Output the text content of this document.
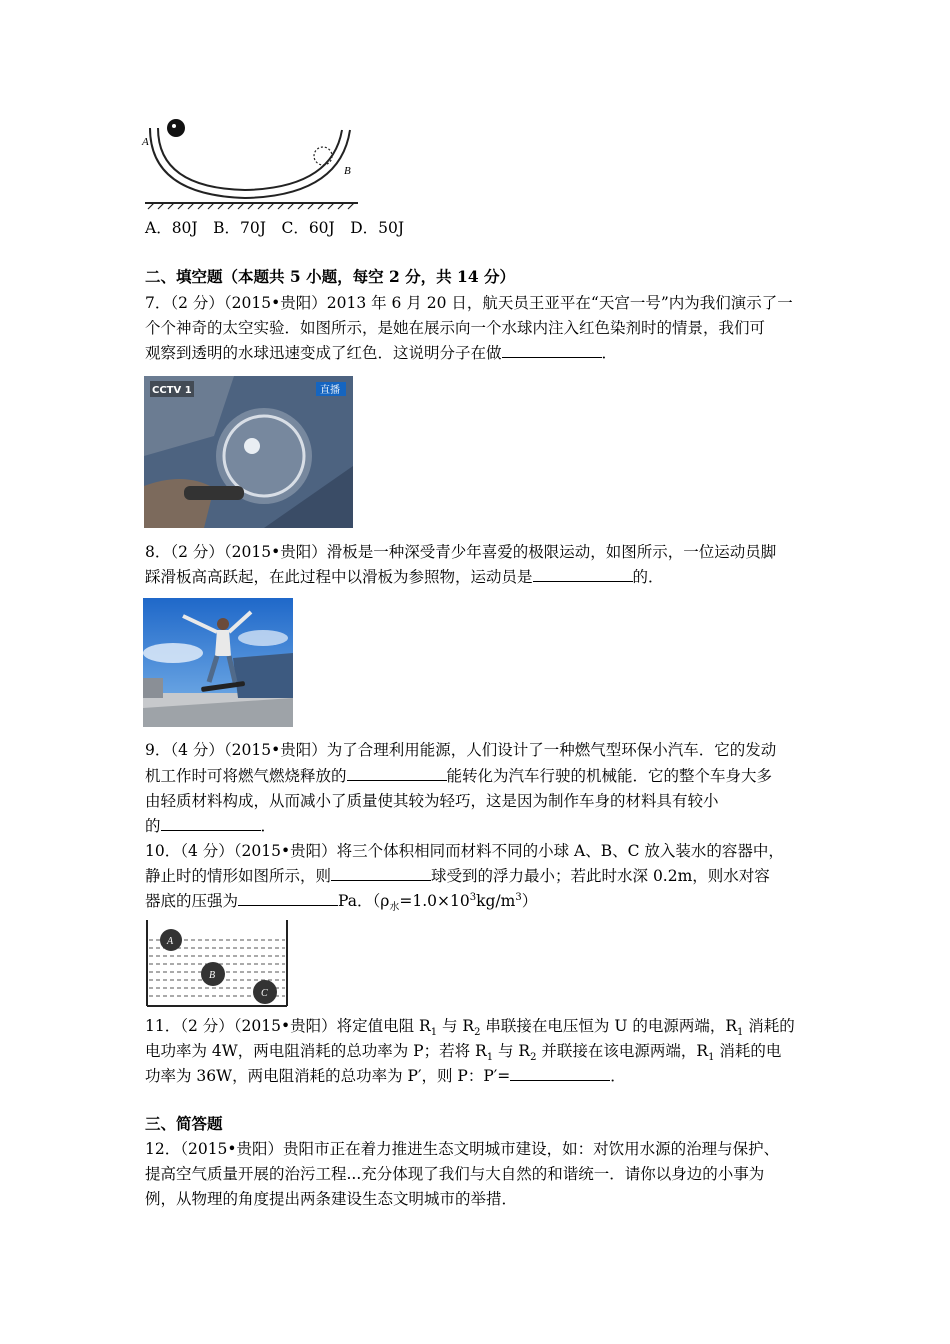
A
B
A．80J　B．70J　C．60J　D．50J
二、填空题（本题共 5 小题，每空 2 分，共 14 分）
7．（2 分）（2015•贵阳）2013 年 6 月 20 日，航天员王亚平在“天宫一号”内为我们演示了一
个个神奇的太空实验．如图所示，是她在展示向一个水球内注入红色染剂时的情景，我们可
观察到透明的水球迅速变成了红色．这说明分子在做	．
CCTV 1	直播
8．（2 分）（2015•贵阳）滑板是一种深受青少年喜爱的极限运动，如图所示，一位运动员脚
踩滑板高高跃起，在此过程中以滑板为参照物，运动员是	的．
9．（4 分）（2015•贵阳）为了合理利用能源，人们设计了一种燃气型环保小汽车．它的发动
机工作时可将燃气燃烧释放的	能转化为汽车行驶的机械能．它的整个车身大多
由轻质材料构成，从而减小了质量使其较为轻巧，这是因为制作车身的材料具有较小
的	．
10．（4 分）（2015•贵阳）将三个体积相同而材料不同的小球 A、B、C 放入装水的容器中，
静止时的情形如图所示，则	球受到的浮力最小；若此时水深 0.2m，则水对容
器底的压强为	Pa．$(\rho_水=1.0\times 10^3kg/m^3)$
A
B
C
11．（2 分）（2015•贵阳）将定值电阻 $R_1$ 与 $R_2$ 串联接在电压恒为 U 的电源两端，$R_1$ 消耗的
电功率为 4W，两电阻消耗的总功率为 P；若将 $R_1$ 与 $R_2$ 并联接在该电源两端，$R_1$ 消耗的电
功率为 36W，两电阻消耗的总功率为 P′，则 P：P′=	．
三、简答题
12．（2015•贵阳）贵阳市正在着力推进生态文明城市建设，如：对饮用水源的治理与保护、
提高空气质量开展的治污工程...充分体现了我们与大自然的和谐统一．请你以身边的小事为
例，从物理的角度提出两条建设生态文明城市的举措．
